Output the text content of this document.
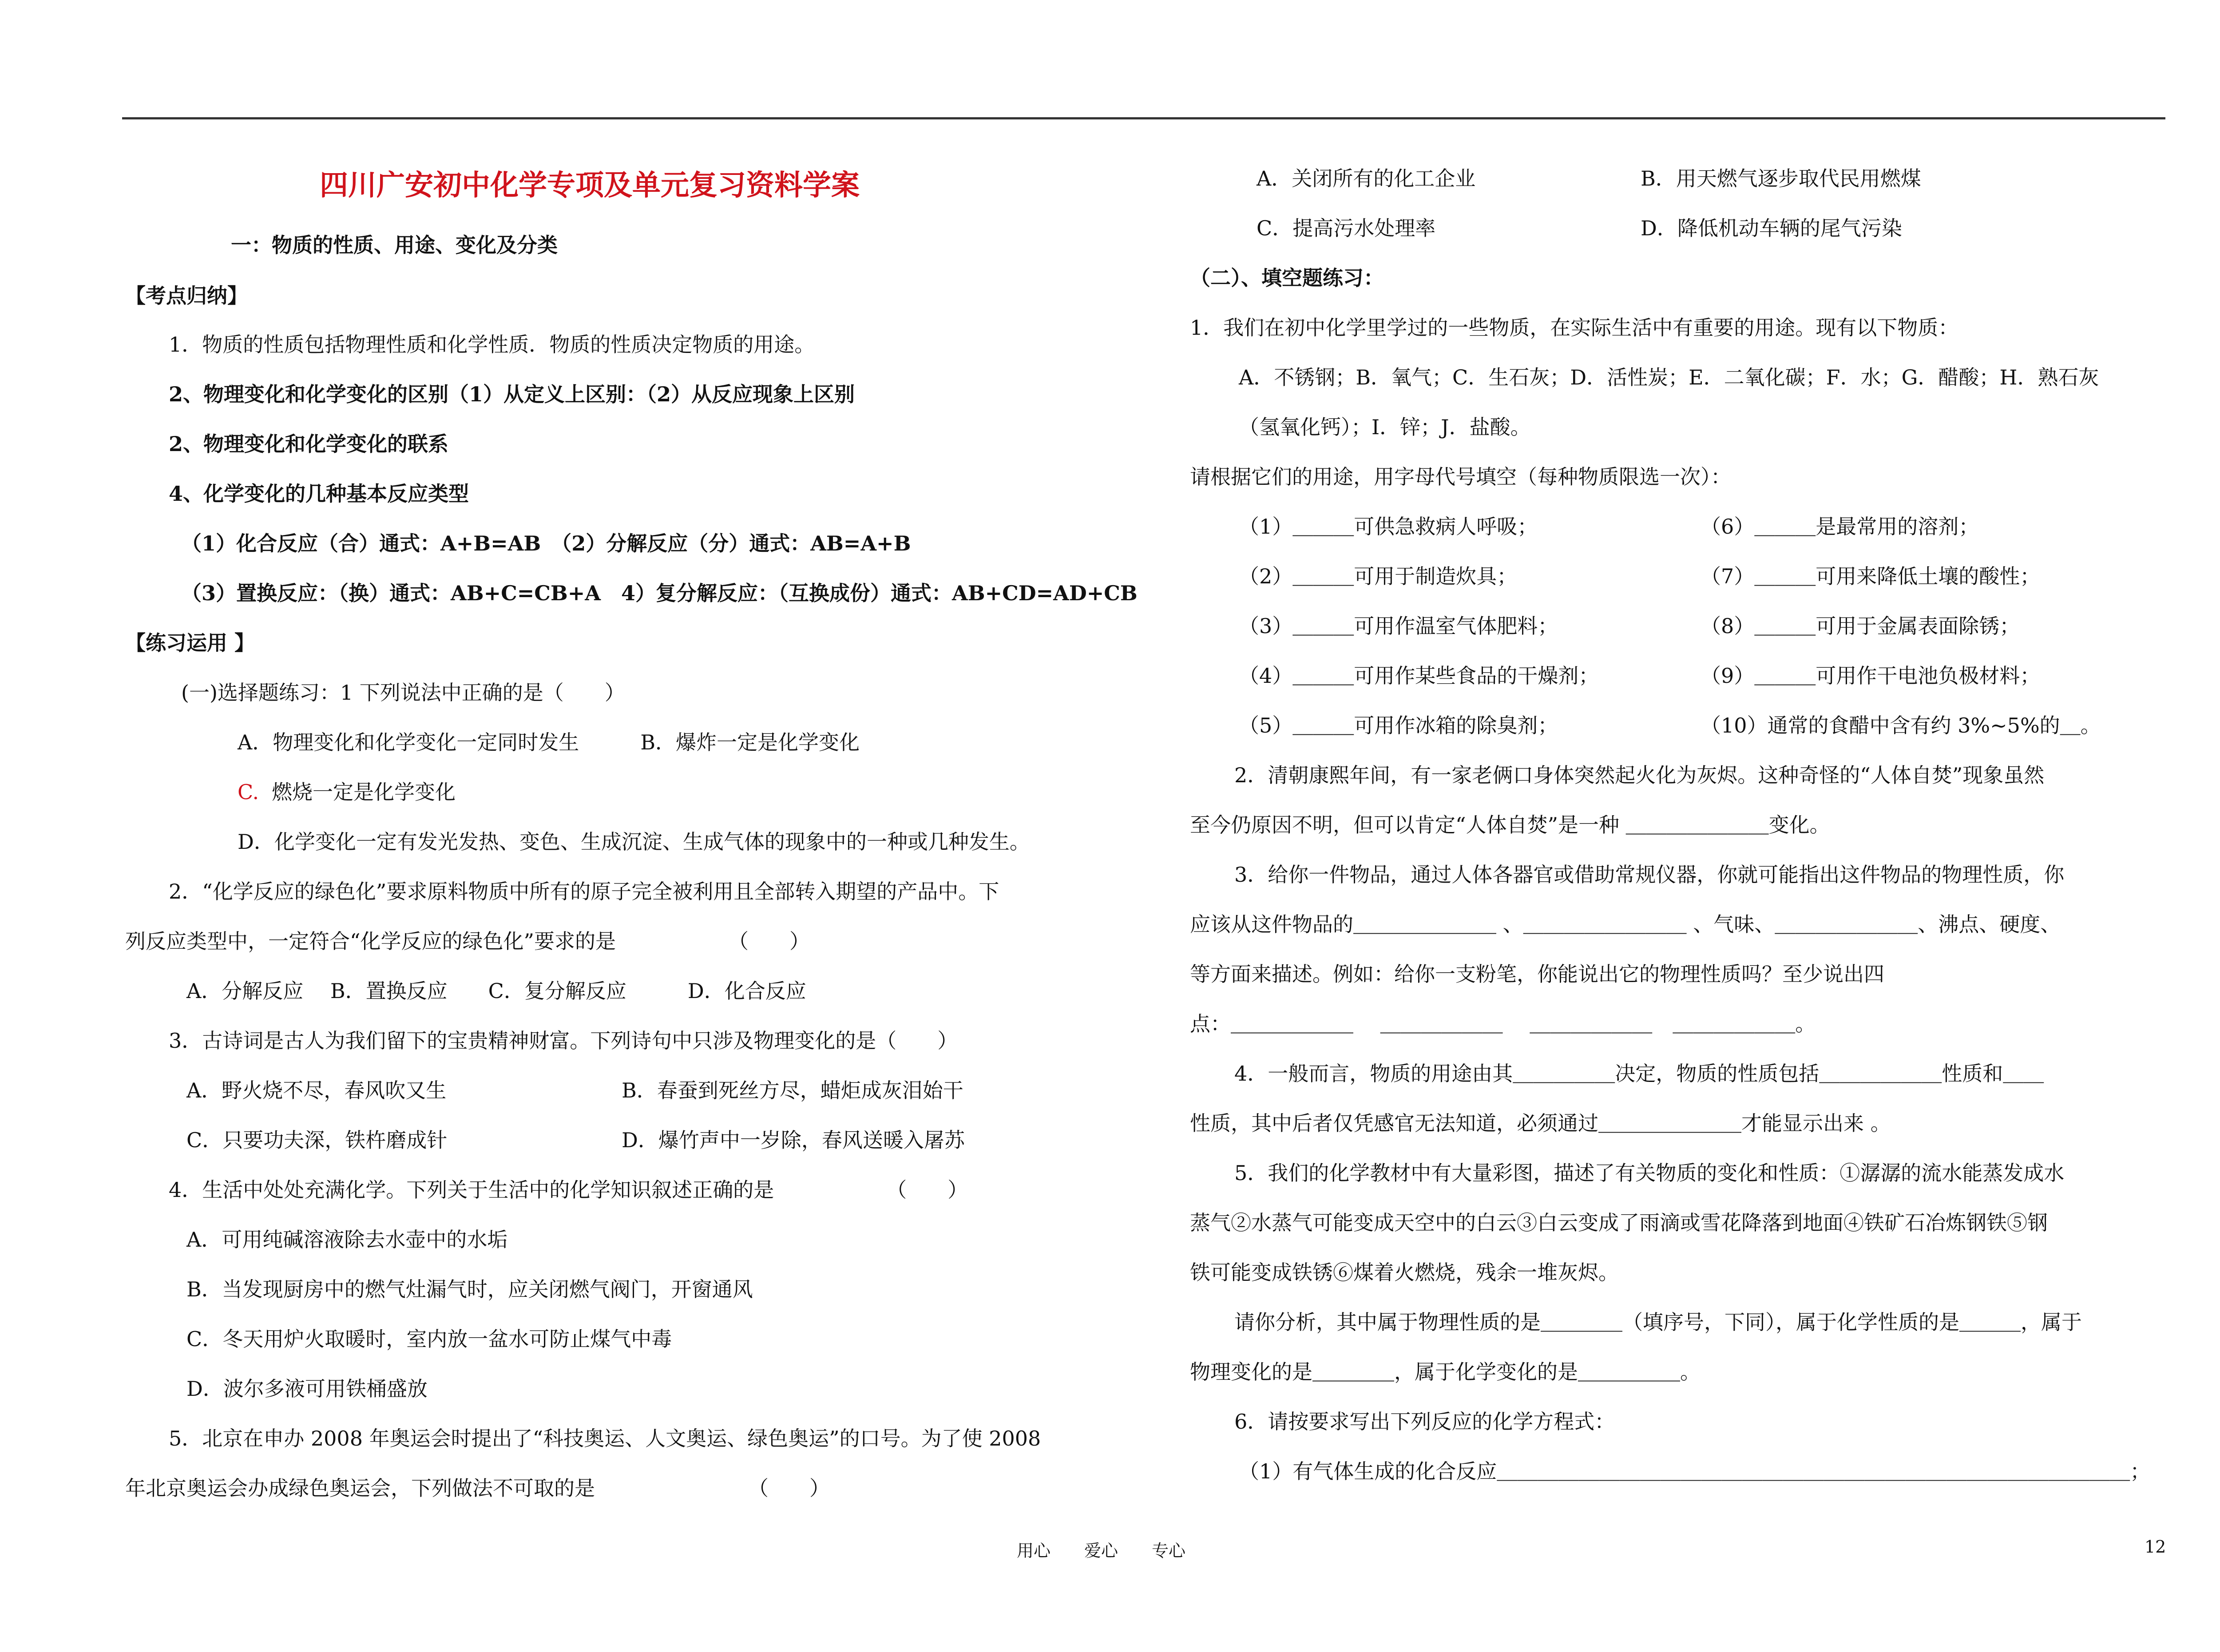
四川广安初中化学专项及单元复习资料学案
一：物质的性质、用途、变化及分类
【考点归纳】
1．物质的性质包括物理性质和化学性质．物质的性质决定物质的用途。
2、物理变化和化学变化的区别（1）从定义上区别：（2）从反应现象上区别
2、物理变化和化学变化的联系
4、化学变化的几种基本反应类型
（1）化合反应（合）通式：A+B=AB　（2）分解反应（分）通式：AB=A+B
（3）置换反应：（换）通式：AB+C=CB+A　4）复分解反应：（互换成份）通式：AB+CD=AD+CB
【练习运用 】
(一)选择题练习：1 下列说法中正确的是（　　）
A．物理变化和化学变化一定同时发生　　　B．爆炸一定是化学变化
C. 燃烧一定是化学变化
D．化学变化一定有发光发热、变色、生成沉淀、生成气体的现象中的一种或几种发生。
2．“化学反应的绿色化”要求原料物质中所有的原子完全被利用且全部转入期望的产品中。下
列反应类型中，一定符合“化学反应的绿色化”要求的是　　　　　　（　　）
A．分解反应　 B．置换反应　　C．复分解反应　　　D．化合反应
3．古诗词是古人为我们留下的宝贵精神财富。下列诗句中只涉及物理变化的是（　　）
A．野火烧不尽，春风吹又生	B．春蚕到死丝方尽，蜡炬成灰泪始干
C．只要功夫深，铁杵磨成针	D．爆竹声中一岁除，春风送暖入屠苏
4．生活中处处充满化学。下列关于生活中的化学知识叙述正确的是　　　　　　（　　）
A．可用纯碱溶液除去水壶中的水垢
B．当发现厨房中的燃气灶漏气时，应关闭燃气阀门，开窗通风
C．冬天用炉火取暖时，室内放一盆水可防止煤气中毒
D．波尔多液可用铁桶盛放
5．北京在申办 2008 年奥运会时提出了“科技奥运、人文奥运、绿色奥运”的口号。为了使 2008
年北京奥运会办成绿色奥运会，下列做法不可取的是　　　　　　　　（　　）
A．关闭所有的化工企业	B．用天燃气逐步取代民用燃煤
C．提高污水处理率	D．降低机动车辆的尾气污染
（二）、填空题练习：
1．我们在初中化学里学过的一些物质，在实际生活中有重要的用途。现有以下物质：
A．不锈钢；B．氧气；C．生石灰；D．活性炭；E．二氧化碳；F．水；G．醋酸；H．熟石灰
（氢氧化钙）；I．锌；J．盐酸。
请根据它们的用途，用字母代号填空（每种物质限选一次）：
（1）＿＿＿可供急救病人呼吸；	（6）＿＿＿是最常用的溶剂；
（2）＿＿＿可用于制造炊具；	（7）＿＿＿可用来降低土壤的酸性；
（3）＿＿＿可用作温室气体肥料；	（8）＿＿＿可用于金属表面除锈；
（4）＿＿＿可用作某些食品的干燥剂；	（9）＿＿＿可用作干电池负极材料；
（5）＿＿＿可用作冰箱的除臭剂；	（10）通常的食醋中含有约 3%~5%的＿。
2．清朝康熙年间，有一家老俩口身体突然起火化为灰烬。这种奇怪的“人体自焚”现象虽然
至今仍原因不明，但可以肯定“人体自焚”是一种 ＿＿＿＿＿＿＿变化。
3．给你一件物品，通过人体各器官或借助常规仪器，你就可能指出这件物品的物理性质，你
应该从这件物品的＿＿＿＿＿＿＿ 、＿＿＿＿＿＿＿＿ 、气味、＿＿＿＿＿＿＿、沸点、硬度、
等方面来描述。例如：给你一支粉笔，你能说出它的物理性质吗？至少说出四
点：＿＿＿＿＿＿　 ＿＿＿＿＿＿　 ＿＿＿＿＿＿　＿＿＿＿＿＿。
4．一般而言，物质的用途由其＿＿＿＿＿决定，物质的性质包括＿＿＿＿＿＿性质和＿＿
性质，其中后者仅凭感官无法知道，必须通过＿＿＿＿＿＿＿才能显示出来 。
5．我们的化学教材中有大量彩图，描述了有关物质的变化和性质：①潺潺的流水能蒸发成水
蒸气②水蒸气可能变成天空中的白云③白云变成了雨滴或雪花降落到地面④铁矿石冶炼钢铁⑤钢
铁可能变成铁锈⑥煤着火燃烧，残余一堆灰烬。
请你分析，其中属于物理性质的是＿＿＿＿（填序号，下同），属于化学性质的是＿＿＿，属于
物理变化的是＿＿＿＿，属于化学变化的是＿＿＿＿＿。
6．请按要求写出下列反应的化学方程式：
（1）有气体生成的化合反应＿＿＿＿＿＿＿＿＿＿＿＿＿＿＿＿＿＿＿＿＿＿＿＿＿＿＿＿＿＿＿；
用心　　爱心　　专心	12
